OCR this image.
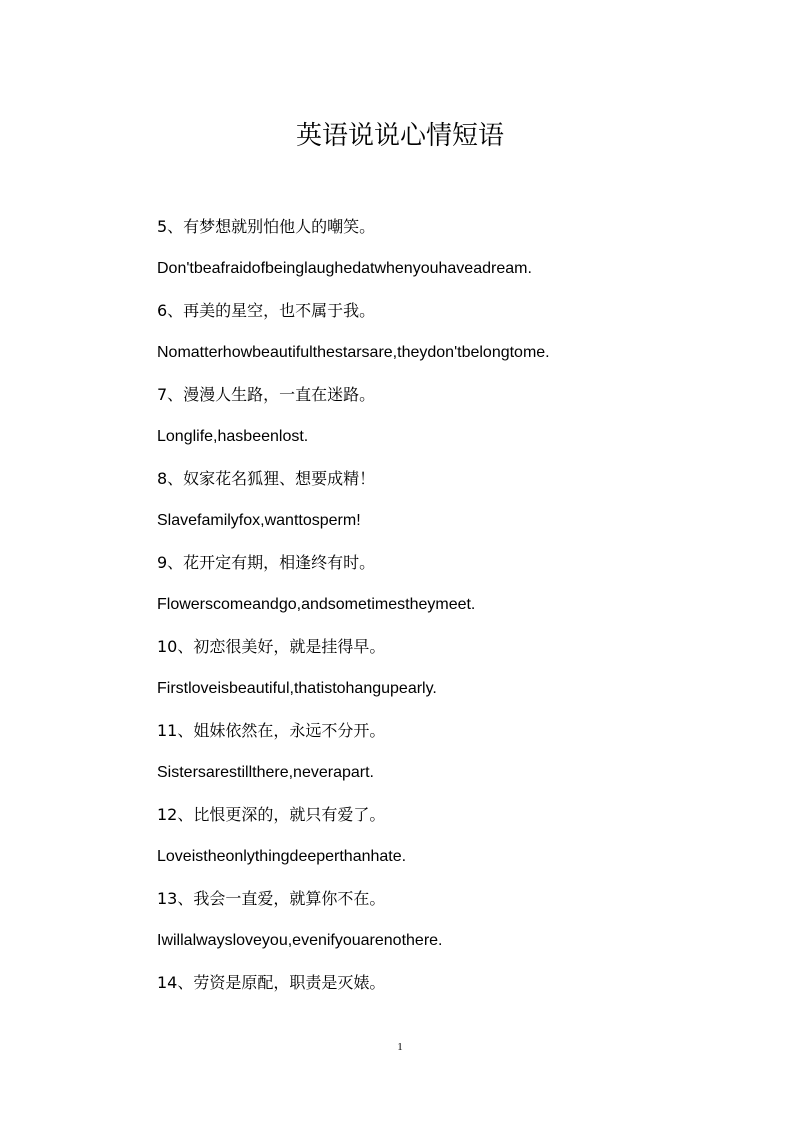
英语说说心情短语
5、有梦想就别怕他人的嘲笑。
Don'tbeafraidofbeinglaughedatwhenyouhaveadream.
6、再美的星空，也不属于我。
Nomatterhowbeautifulthestarsare,theydon'tbelongtome.
7、漫漫人生路，一直在迷路。
Longlife,hasbeenlost.
8、奴家花名狐狸、想要成精！
Slavefamilyfox,wanttosperm!
9、花开定有期，相逢终有时。
Flowerscomeandgo,andsometimestheymeet.
10、初恋很美好，就是挂得早。
Firstloveisbeautiful,thatistohangupearly.
11、姐妹依然在，永远不分开。
Sistersarestillthere,neverapart.
12、比恨更深的，就只有爱了。
Loveistheonlythingdeeperthanhate.
13、我会一直爱，就算你不在。
Iwillalwaysloveyou,evenifyouarenothere.
14、劳资是原配，职责是灭婊。
1
